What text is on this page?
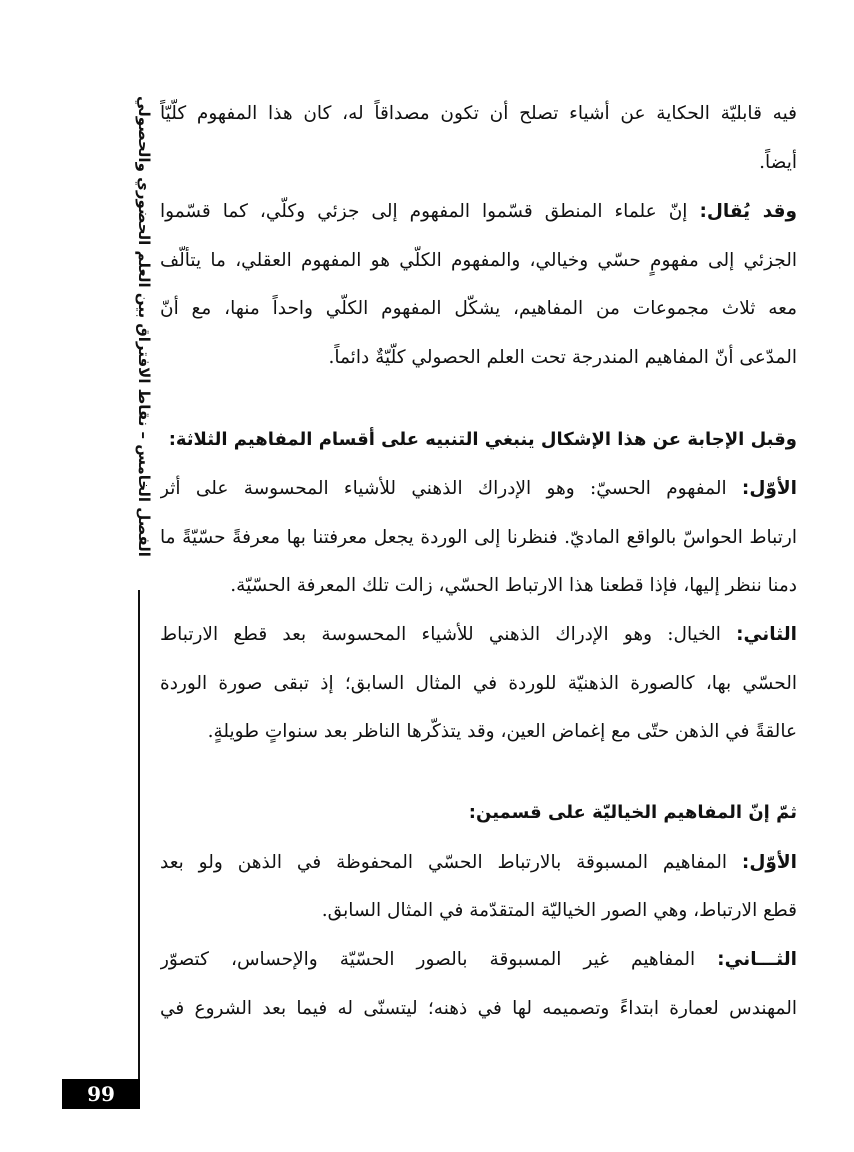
الفصل الخامس – نقاط الافتراق بين العلم الحضوري والحصولي فيه قابليّة الحكاية عن أشياء تصلح أن تكون مصداقاً له، كان هذا المفهوم كلّيّاً
أيضاً.
وقد يُقال: إنّ علماء المنطق قسّموا المفهوم إلى جزئي وكلّي، كما قسّموا
الجزئي إلى مفهومٍ حسّي وخيالي، والمفهوم الكلّي هو المفهوم العقلي، ما يتألّف
معه ثلاث مجموعات من المفاهيم، يشكّل المفهوم الكلّي واحداً منها، مع أنّ
المدّعى أنّ المفاهيم المندرجة تحت العلم الحصولي كلّيّةٌ دائماً.
وقبل الإجابة عن هذا الإشكال ينبغي التنبيه على أقسام المفاهيم الثلاثة:
الأوّل: المفهوم الحسيّ: وهو الإدراك الذهني للأشياء المحسوسة على أثر
ارتباط الحواسّ بالواقع الماديّ. فنظرنا إلى الوردة يجعل معرفتنا بها معرفةً حسّيّةً ما
دمنا ننظر إليها، فإذا قطعنا هذا الارتباط الحسّي، زالت تلك المعرفة الحسّيّة.
الثاني: الخيال: وهو الإدراك الذهني للأشياء المحسوسة بعد قطع الارتباط
الحسّي بها، كالصورة الذهنيّة للوردة في المثال السابق؛ إذ تبقى صورة الوردة
عالقةً في الذهن حتّى مع إغماض العين، وقد يتذكّرها الناظر بعد سنواتٍ طويلةٍ.
ثمّ إنّ المفاهيم الخياليّة على قسمين:
الأوّل: المفاهيم المسبوقة بالارتباط الحسّي المحفوظة في الذهن ولو بعد
قطع الارتباط، وهي الصور الخياليّة المتقدّمة في المثال السابق.
الثـــاني: المفاهيم غير المسبوقة بالصور الحسّيّة والإحساس، كتصوّر
المهندس لعمارة ابتداءً وتصميمه لها في ذهنه؛ ليتسنّى له فيما بعد الشروع في
99
